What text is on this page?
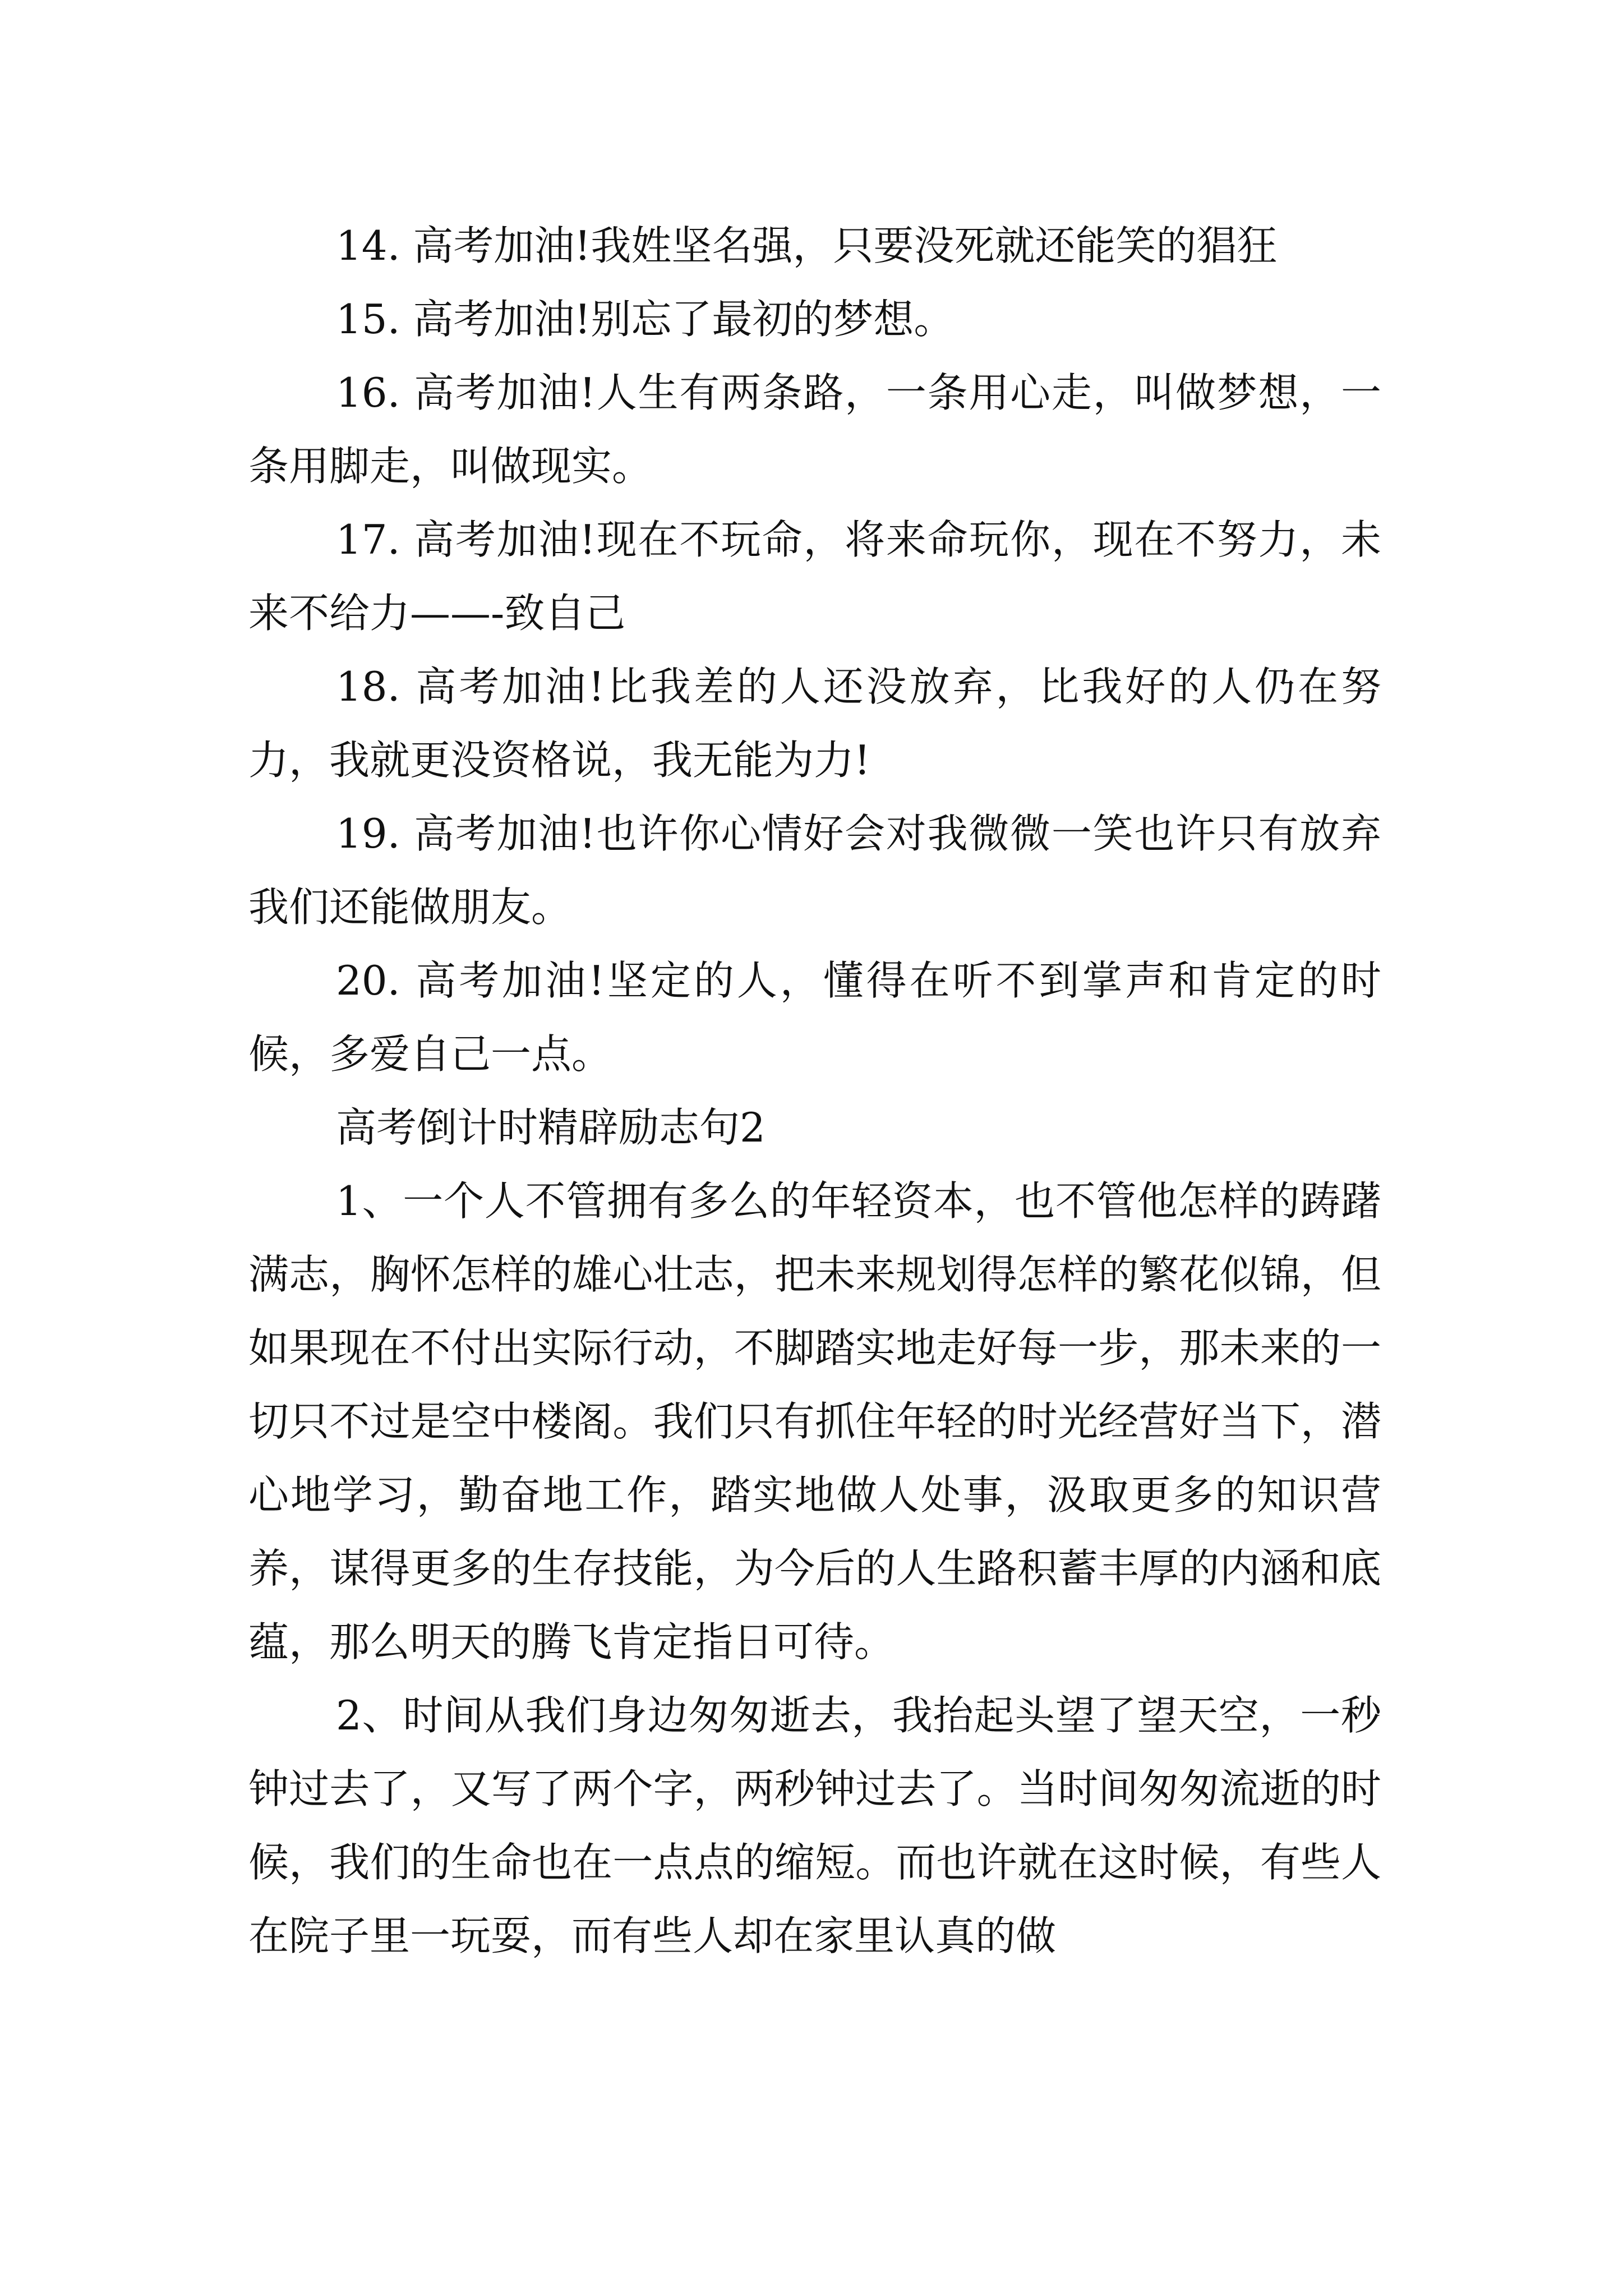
14. 高考加油!我姓坚名强，只要没死就还能笑的猖狂

15. 高考加油!别忘了最初的梦想。

16. 高考加油!人生有两条路，一条用心走，叫做梦想，一条用脚走，叫做现实。

17. 高考加油!现在不玩命，将来命玩你，现在不努力，未来不给力——-致自己

18. 高考加油!比我差的人还没放弃，比我好的人仍在努力，我就更没资格说，我无能为力!

19. 高考加油!也许你心情好会对我微微一笑也许只有放弃我们还能做朋友。

20. 高考加油!坚定的人，懂得在听不到掌声和肯定的时候，多爱自己一点。

高考倒计时精辟励志句2

1、一个人不管拥有多么的年轻资本，也不管他怎样的踌躇满志，胸怀怎样的雄心壮志，把未来规划得怎样的繁花似锦，但如果现在不付出实际行动，不脚踏实地走好每一步，那未来的一切只不过是空中楼阁。我们只有抓住年轻的时光经营好当下，潜心地学习，勤奋地工作，踏实地做人处事，汲取更多的知识营养，谋得更多的生存技能，为今后的人生路积蓄丰厚的内涵和底蕴，那么明天的腾飞肯定指日可待。

2、时间从我们身边匆匆逝去，我抬起头望了望天空，一秒钟过去了，又写了两个字，两秒钟过去了。当时间匆匆流逝的时候，我们的生命也在一点点的缩短。而也许就在这时候，有些人在院子里一玩耍，而有些人却在家里认真的做
